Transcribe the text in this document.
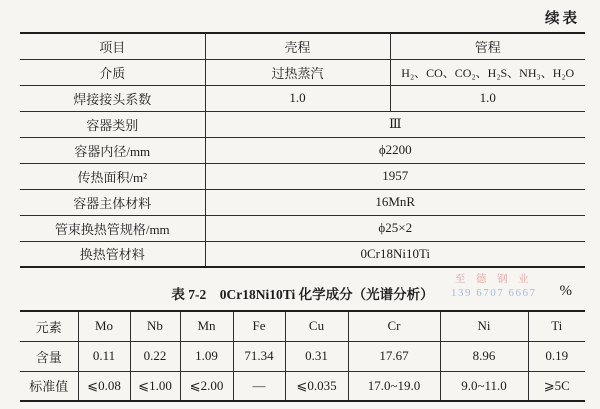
续表
项目	壳程	管程
介质	过热蒸汽	H₂、CO、CO₂、H₂S、NH₃、H₂O
焊接接头系数	1.0	1.0
容器类别	Ⅲ	
容器内径/mm	ϕ2200	
传热面积/m²	1957	
容器主体材料	16MnR	
管束换热管规格/mm	ϕ25×2	
换热管材料	0Cr18Ni10Ti	
表 7-2　0Cr18Ni10Ti 化学成分（光谱分析）	%
至 德 钢 业
139 6707 6667
元素	Mo	Nb	Mn	Fe	Cu	Cr	Ni	Ti
含量	0.11	0.22	1.09	71.34	0.31	17.67	8.96	0.19
标准值	⩽0.08	⩽1.00	⩽2.00	—	⩽0.035	17.0~19.0	9.0~11.0	⩾5C
